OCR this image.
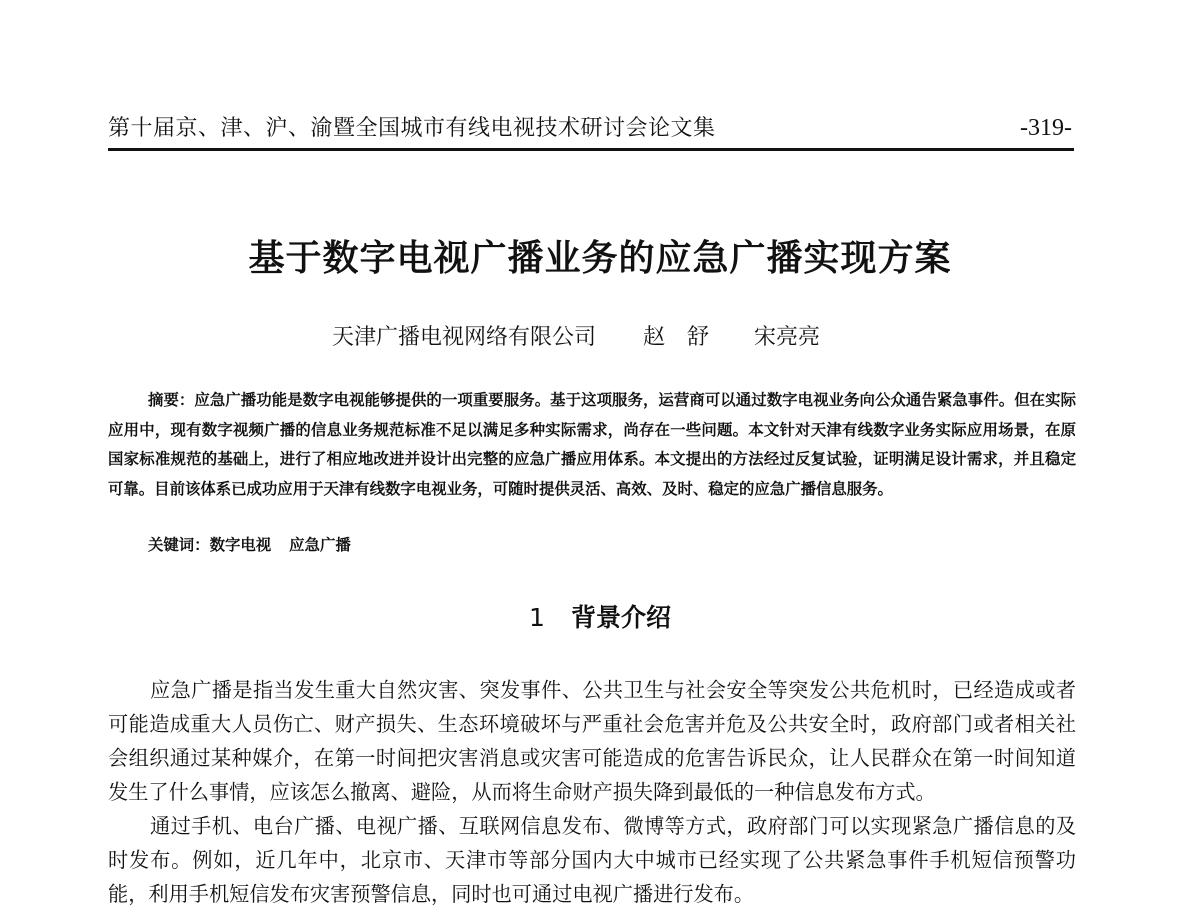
第十届京、津、沪、渝暨全国城市有线电视技术研讨会论文集	-319-
基于数字电视广播业务的应急广播实现方案
天津广播电视网络有限公司 赵　舒 宋亮亮
摘要：应急广播功能是数字电视能够提供的一项重要服务。基于这项服务，运营商可以通过数字电视业务向公众通告紧急事件。但在实际应用中，现有数字视频广播的信息业务规范标准不足以满足多种实际需求，尚存在一些问题。本文针对天津有线数字业务实际应用场景，在原国家标准规范的基础上，进行了相应地改进并设计出完整的应急广播应用体系。本文提出的方法经过反复试验，证明满足设计需求，并且稳定可靠。目前该体系已成功应用于天津有线数字电视业务，可随时提供灵活、高效、及时、稳定的应急广播信息服务。
关键词：数字电视 应急广播
1 背景介绍

应急广播是指当发生重大自然灾害、突发事件、公共卫生与社会安全等突发公共危机时，已经造成或者可能造成重大人员伤亡、财产损失、生态环境破坏与严重社会危害并危及公共安全时，政府部门或者相关社会组织通过某种媒介，在第一时间把灾害消息或灾害可能造成的危害告诉民众，让人民群众在第一时间知道发生了什么事情，应该怎么撤离、避险，从而将生命财产损失降到最低的一种信息发布方式。

通过手机、电台广播、电视广播、互联网信息发布、微博等方式，政府部门可以实现紧急广播信息的及时发布。例如，近几年中，北京市、天津市等部分国内大中城市已经实现了公共紧急事件手机短信预警功能，利用手机短信发布灾害预警信息，同时也可通过电视广播进行发布。
